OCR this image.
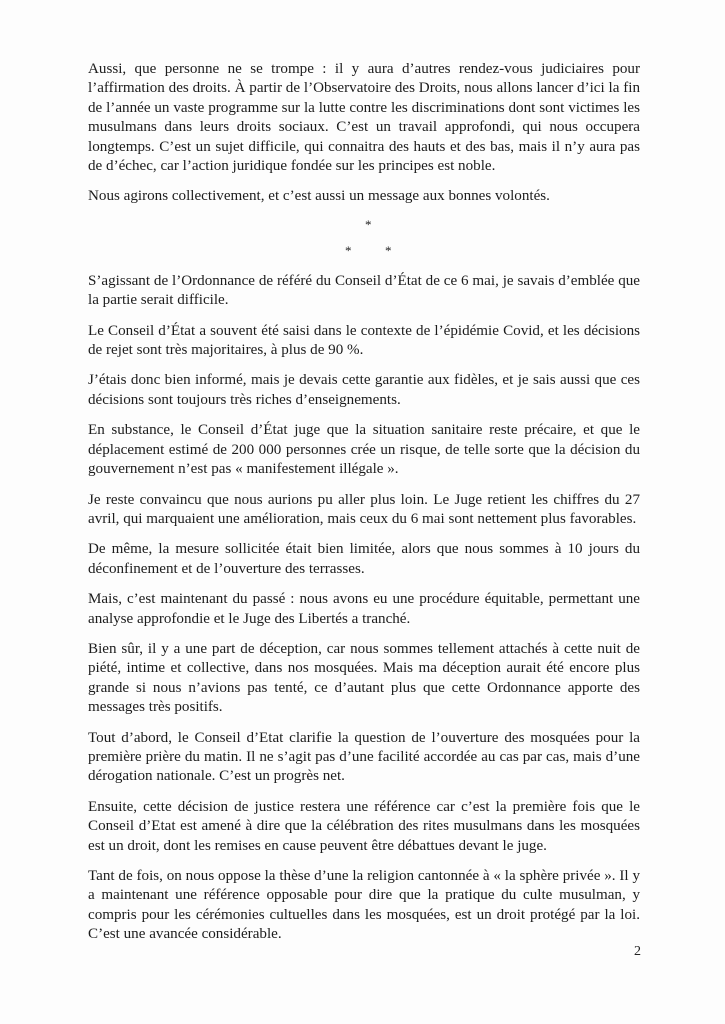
Aussi, que personne ne se trompe : il y aura d’autres rendez-vous judiciaires pour l’affirmation des droits. À partir de l’Observatoire des Droits, nous allons lancer d’ici la fin de l’année un vaste programme sur la lutte contre les discriminations dont sont victimes les musulmans dans leurs droits sociaux. C’est un travail approfondi, qui nous occupera longtemps. C’est un sujet difficile, qui connaitra des hauts et des bas, mais il n’y aura pas de d’échec, car l’action juridique fondée sur les principes est noble.

Nous agirons collectivement, et c’est aussi un message aux bonnes volontés.

*
*	*

S’agissant de l’Ordonnance de référé du Conseil d’État de ce 6 mai, je savais d’emblée que la partie serait difficile.

Le Conseil d’État a souvent été saisi dans le contexte de l’épidémie Covid, et les décisions de rejet sont très majoritaires, à plus de 90 %.

J’étais donc bien informé, mais je devais cette garantie aux fidèles, et je sais aussi que ces décisions sont toujours très riches d’enseignements.

En substance, le Conseil d’État juge que la situation sanitaire reste précaire, et que le déplacement estimé de 200 000 personnes crée un risque, de telle sorte que la décision du gouvernement n’est pas « manifestement illégale ».

Je reste convaincu que nous aurions pu aller plus loin. Le Juge retient les chiffres du 27 avril, qui marquaient une amélioration, mais ceux du 6 mai sont nettement plus favorables.

De même, la mesure sollicitée était bien limitée, alors que nous sommes à 10 jours du déconfinement et de l’ouverture des terrasses.

Mais, c’est maintenant du passé : nous avons eu une procédure équitable, permettant une analyse approfondie et le Juge des Libertés a tranché.

Bien sûr, il y a une part de déception, car nous sommes tellement attachés à cette nuit de piété, intime et collective, dans nos mosquées. Mais ma déception aurait été encore plus grande si nous n’avions pas tenté, ce d’autant plus que cette Ordonnance apporte des messages très positifs.

Tout d’abord, le Conseil d’Etat clarifie la question de l’ouverture des mosquées pour la première prière du matin. Il ne s’agit pas d’une facilité accordée au cas par cas, mais d’une dérogation nationale. C’est un progrès net.

Ensuite, cette décision de justice restera une référence car c’est la première fois que le Conseil d’Etat est amené à dire que la célébration des rites musulmans dans les mosquées est un droit, dont les remises en cause peuvent être débattues devant le juge.

Tant de fois, on nous oppose la thèse d’une la religion cantonnée à « la sphère privée ». Il y a maintenant une référence opposable pour dire que la pratique du culte musulman, y compris pour les cérémonies cultuelles dans les mosquées, est un droit protégé par la loi. C’est une avancée considérable.

2
